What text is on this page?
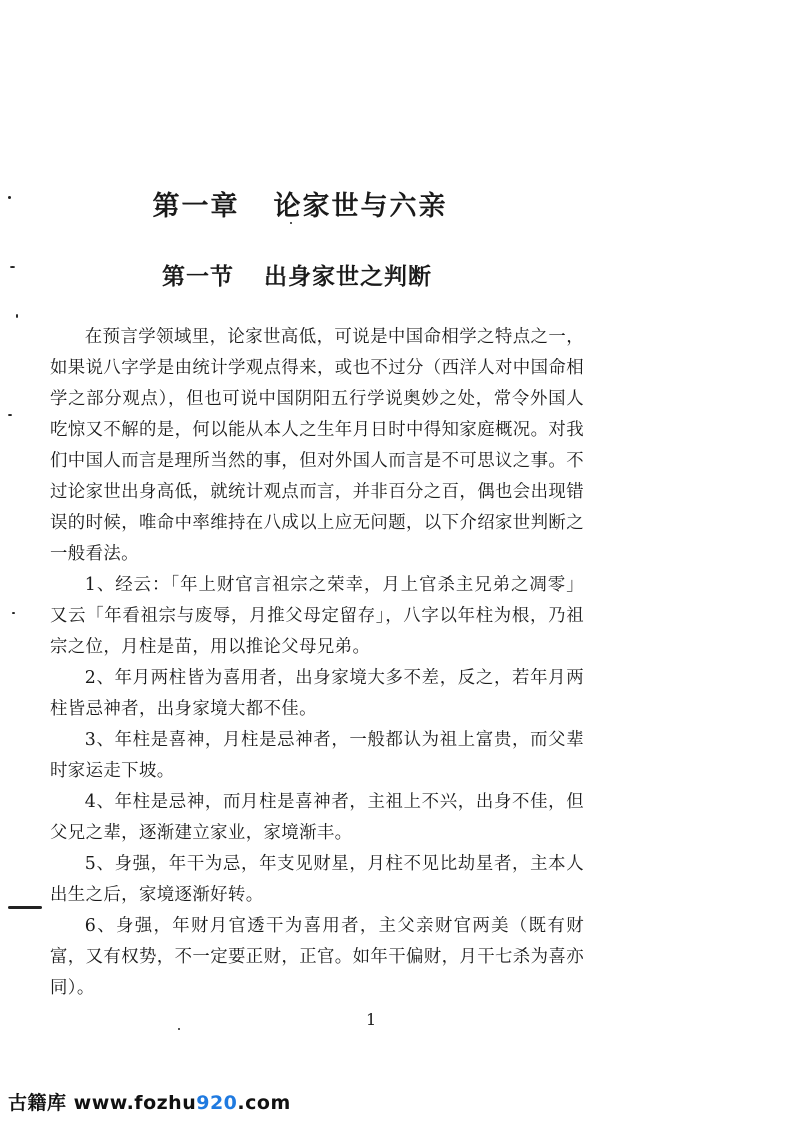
第一章 论家世与六亲
第一节 出身家世之判断

在预言学领域里，论家世高低，可说是中国命相学之特点之一，如果说八字学是由统计学观点得来，或也不过分（西洋人对中国命相学之部分观点），但也可说中国阴阳五行学说奥妙之处，常令外国人吃惊又不解的是，何以能从本人之生年月日时中得知家庭概况。对我们中国人而言是理所当然的事，但对外国人而言是不可思议之事。不过论家世出身高低，就统计观点而言，并非百分之百，偶也会出现错误的时候，唯命中率维持在八成以上应无问题，以下介绍家世判断之一般看法。

1、经云：「年上财官言祖宗之荣幸，月上官杀主兄弟之凋零」又云「年看祖宗与废辱，月推父母定留存」，八字以年柱为根，乃祖宗之位，月柱是苗，用以推论父母兄弟。

2、年月两柱皆为喜用者，出身家境大多不差，反之，若年月两柱皆忌神者，出身家境大都不佳。

3、年柱是喜神，月柱是忌神者，一般都认为祖上富贵，而父辈时家运走下坡。

4、年柱是忌神，而月柱是喜神者，主祖上不兴，出身不佳，但父兄之辈，逐渐建立家业，家境渐丰。

5、身强，年干为忌，年支见财星，月柱不见比劫星者，主本人出生之后，家境逐渐好转。

6、身强，年财月官透干为喜用者，主父亲财官两美（既有财富，又有权势，不一定要正财，正官。如年干偏财，月干七杀为喜亦同）。

1

古籍库 www.fozhu920.com
